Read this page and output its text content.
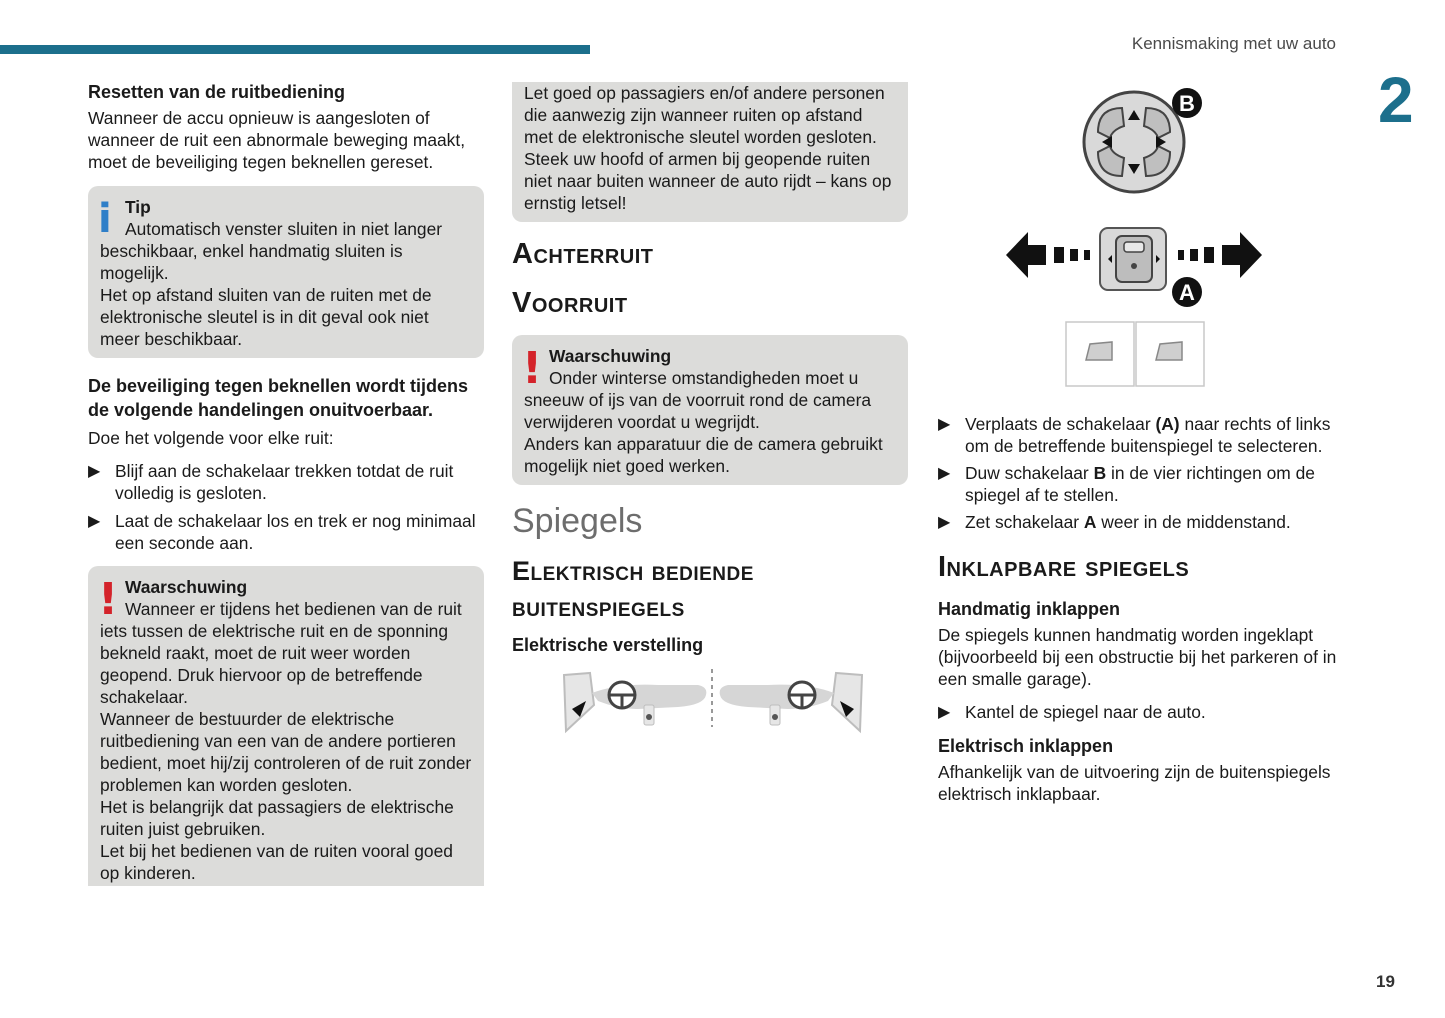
Kennismaking met uw auto
2
19
Resetten van de ruitbediening

Wanneer de accu opnieuw is aangesloten of wanneer de ruit een abnormale beweging maakt, moet de beveiliging tegen beknellen gereset.

i Tip
Automatisch venster sluiten in niet langer beschikbaar, enkel handmatig sluiten is mogelijk.
Het op afstand sluiten van de ruiten met de elektronische sleutel is in dit geval ook niet meer beschikbaar.
De beveiliging tegen beknellen wordt tijdens de volgende handelingen onuitvoerbaar.

Doe het volgende voor elke ruit:

▶ Blijf aan de schakelaar trekken totdat de ruit volledig is gesloten.
▶ Laat de schakelaar los en trek er nog minimaal een seconde aan.
! Waarschuwing
Wanneer er tijdens het bedienen van de ruit iets tussen de elektrische ruit en de sponning bekneld raakt, moet de ruit weer worden geopend. Druk hiervoor op de betreffende schakelaar.
Wanneer de bestuurder de elektrische ruitbediening van een van de andere portieren bedient, moet hij/zij controleren of de ruit zonder problemen kan worden gesloten.
Het is belangrijk dat passagiers de elektrische ruiten juist gebruiken.
Let bij het bedienen van de ruiten vooral goed op kinderen.
Let goed op passagiers en/of andere personen die aanwezig zijn wanneer ruiten op afstand met de elektronische sleutel worden gesloten.
Steek uw hoofd of armen bij geopende ruiten niet naar buiten wanneer de auto rijdt – kans op ernstig letsel!
Achterruit
Voorruit
! Waarschuwing
Onder winterse omstandigheden moet u sneeuw of ijs van de voorruit rond de camera verwijderen voordat u wegrijdt.
Anders kan apparatuur die de camera gebruikt mogelijk niet goed werken.
Spiegels
Elektrisch bediende buitenspiegels
Elektrische verstelling
B
A
▶ Verplaats de schakelaar (A) naar rechts of links om de betreffende buitenspiegel te selecteren.
▶ Duw schakelaar B in de vier richtingen om de spiegel af te stellen.
▶ Zet schakelaar A weer in de middenstand.
Inklapbare spiegels
Handmatig inklappen

De spiegels kunnen handmatig worden ingeklapt (bijvoorbeeld bij een obstructie bij het parkeren of in een smalle garage).

▶ Kantel de spiegel naar de auto.
Elektrisch inklappen

Afhankelijk van de uitvoering zijn de buitenspiegels elektrisch inklapbaar.
